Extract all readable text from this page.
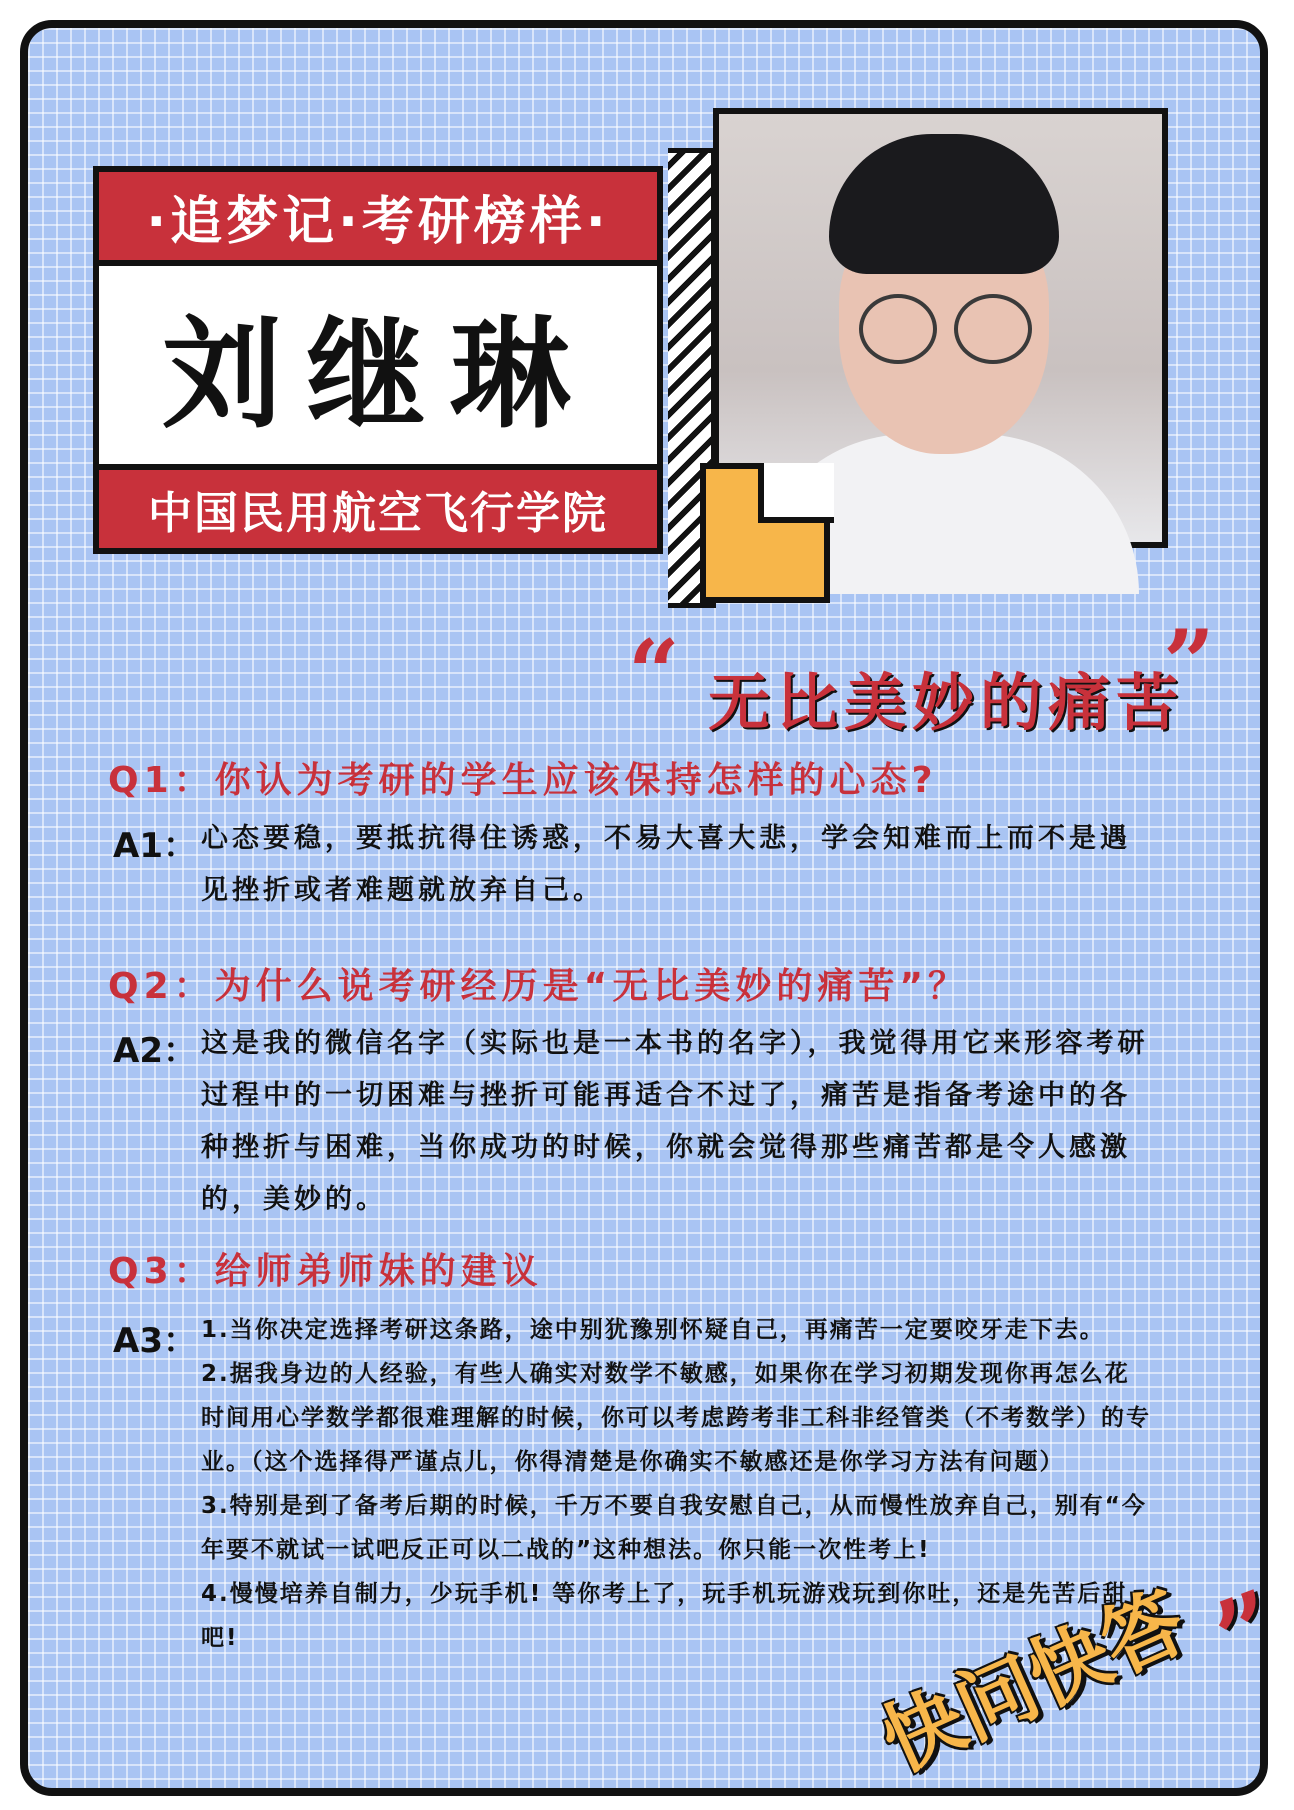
·追梦记·考研榜样·
刘继琳
中国民用航空飞行学院
“ 无比美妙的痛苦
”
Q1：你认为考研的学生应该保持怎样的心态?
A1： 心态要稳，要抵抗得住诱惑，不易大喜大悲，学会知难而上而不是遇见挫折或者难题就放弃自己。
Q2：为什么说考研经历是“无比美妙的痛苦”？
A2： 这是我的微信名字（实际也是一本书的名字），我觉得用它来形容考研过程中的一切困难与挫折可能再适合不过了，痛苦是指备考途中的各种挫折与困难，当你成功的时候，你就会觉得那些痛苦都是令人感激的，美妙的。
Q3：给师弟师妹的建议
A3： 1.当你决定选择考研这条路，途中别犹豫别怀疑自己，再痛苦一定要咬牙走下去。

2.据我身边的人经验，有些人确实对数学不敏感，如果你在学习初期发现你再怎么花时间用心学数学都很难理解的时候，你可以考虑跨考非工科非经管类（不考数学）的专业。（这个选择得严谨点儿，你得清楚是你确实不敏感还是你学习方法有问题）

3.特别是到了备考后期的时候，千万不要自我安慰自己，从而慢性放弃自己，别有“今年要不就试一试吧反正可以二战的”这种想法。你只能一次性考上!

4.慢慢培养自制力，少玩手机! 等你考上了，玩手机玩游戏玩到你吐，还是先苦后甜吧!	快问快答 ”
